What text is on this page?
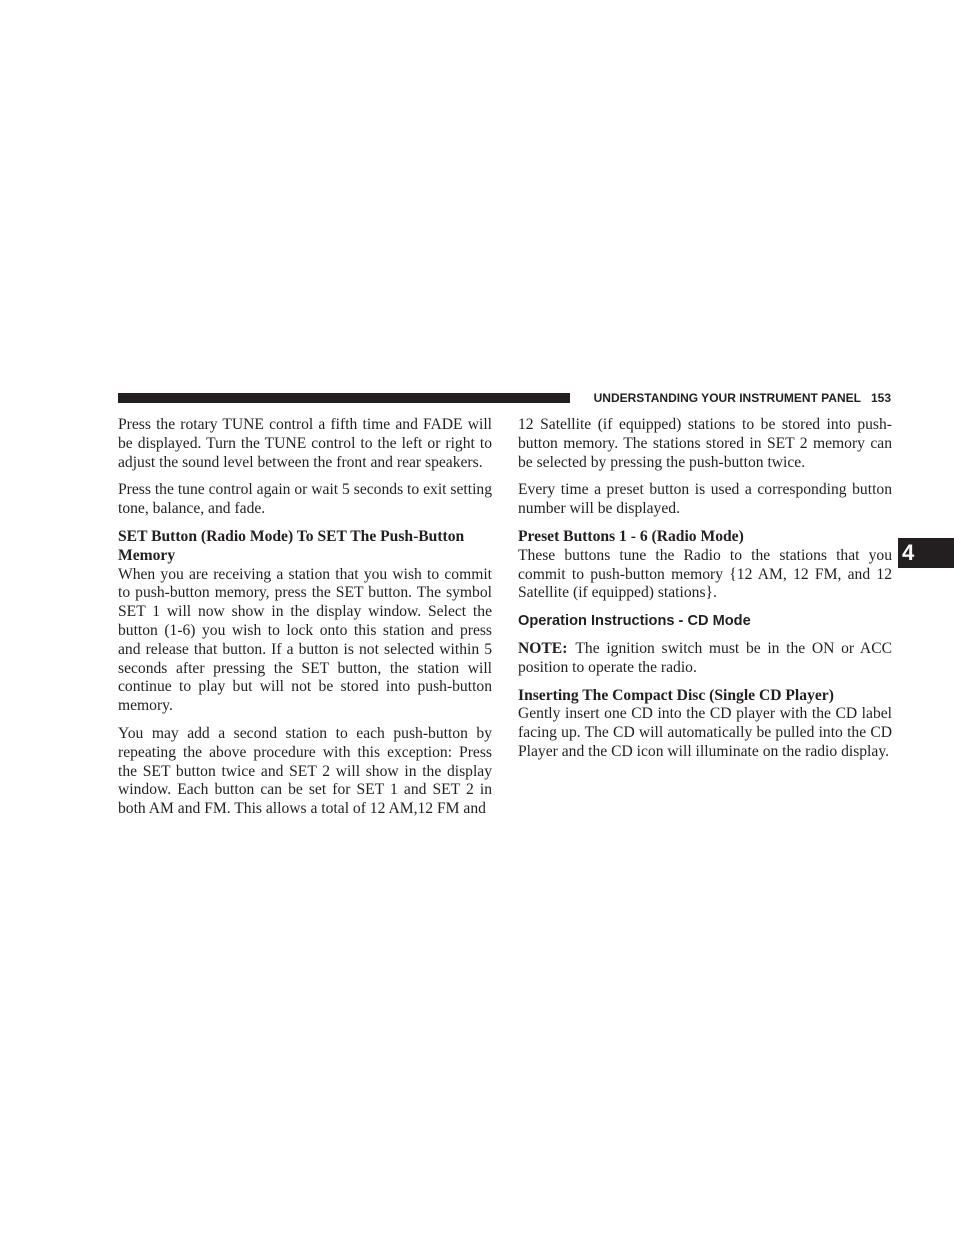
UNDERSTANDING YOUR INSTRUMENT PANEL 153
4

Press the rotary TUNE control a fifth time and FADE will be displayed. Turn the TUNE control to the left or right to adjust the sound level between the front and rear speakers.

Press the tune control again or wait 5 seconds to exit setting tone, balance, and fade.

SET Button (Radio Mode) To SET The Push-Button Memory

When you are receiving a station that you wish to commit to push-button memory, press the SET button. The symbol SET 1 will now show in the display window. Select the button (1-6) you wish to lock onto this station and press and release that button. If a button is not selected within 5 seconds after pressing the SET button, the station will continue to play but will not be stored into push-button memory.

You may add a second station to each push-button by repeating the above procedure with this exception: Press the SET button twice and SET 2 will show in the display window. Each button can be set for SET 1 and SET 2 in both AM and FM. This allows a total of 12 AM,12 FM and

12 Satellite (if equipped) stations to be stored into push-button memory. The stations stored in SET 2 memory can be selected by pressing the push-button twice.

Every time a preset button is used a corresponding button number will be displayed.

Preset Buttons 1 - 6 (Radio Mode)

These buttons tune the Radio to the stations that you commit to push-button memory {12 AM, 12 FM, and 12 Satellite (if equipped) stations}.

Operation Instructions - CD Mode

NOTE: The ignition switch must be in the ON or ACC position to operate the radio.

Inserting The Compact Disc (Single CD Player)

Gently insert one CD into the CD player with the CD label facing up. The CD will automatically be pulled into the CD Player and the CD icon will illuminate on the radio display.
